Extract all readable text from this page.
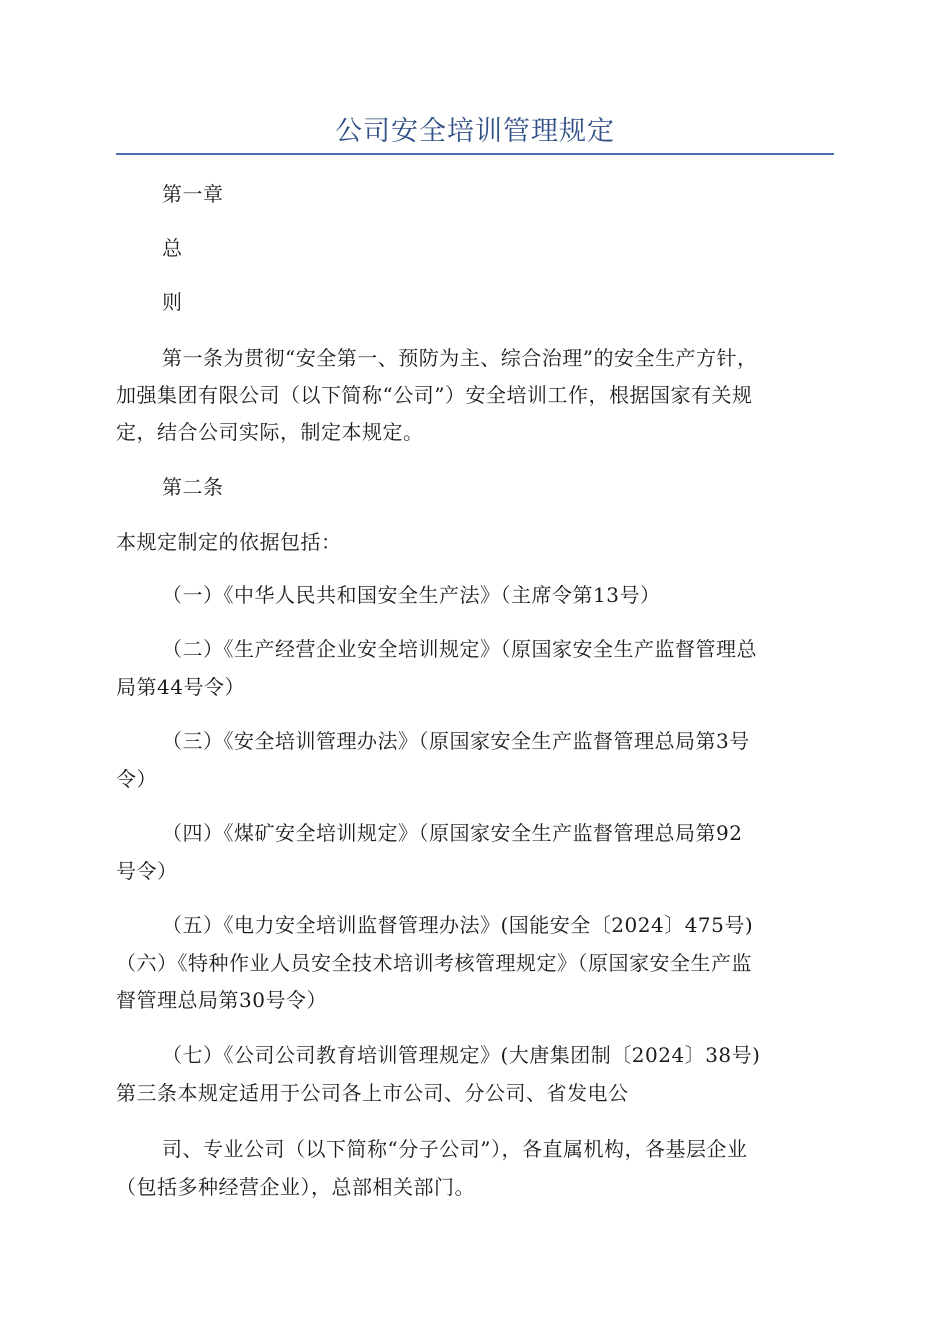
公司安全培训管理规定
第一章
总
则
第一条为贯彻“安全第一、预防为主、综合治理”的安全生产方针，
加强集团有限公司（以下简称“公司”）安全培训工作，根据国家有关规
定，结合公司实际，制定本规定。
第二条
本规定制定的依据包括：
（一）《中华人民共和国安全生产法》（主席令第13号）
（二）《生产经营企业安全培训规定》（原国家安全生产监督管理总
局第44号令）
（三）《安全培训管理办法》（原国家安全生产监督管理总局第3号
令）
（四）《煤矿安全培训规定》（原国家安全生产监督管理总局第92
号令）
（五）《电力安全培训监督管理办法》(国能安全〔2024〕475号)
（六）《特种作业人员安全技术培训考核管理规定》（原国家安全生产监
督管理总局第30号令）
（七）《公司公司教育培训管理规定》(大唐集团制〔2024〕38号)
第三条本规定适用于公司各上市公司、分公司、省发电公
司、专业公司（以下简称“分子公司”），各直属机构，各基层企业
（包括多种经营企业），总部相关部门。
